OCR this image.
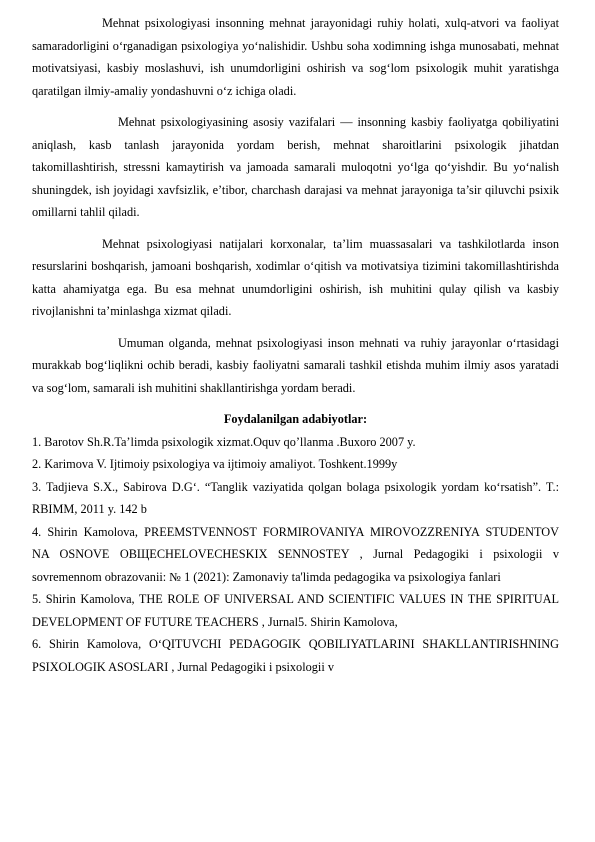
Mehnat psixologiyasi insonning mehnat jarayonidagi ruhiy holati, xulq-atvori va faoliyat samaradorligini o‘rganadigan psixologiya yo‘nalishidir. Ushbu soha xodimning ishga munosabati, mehnat motivatsiyasi, kasbiy moslashuvi, ish unumdorligini oshirish va sog‘lom psixologik muhit yaratishga qaratilgan ilmiy-amaliy yondashuvni o‘z ichiga oladi.

Mehnat psixologiyasining asosiy vazifalari — insonning kasbiy faoliyatga qobiliyatini aniqlash, kasb tanlash jarayonida yordam berish, mehnat sharoitlarini psixologik jihatdan takomillashtirish, stressni kamaytirish va jamoada samarali muloqotni yo‘lga qo‘yishdir. Bu yo‘nalish shuningdek, ish joyidagi xavfsizlik, e’tibor, charchash darajasi va mehnat jarayoniga ta’sir qiluvchi psixik omillarni tahlil qiladi.

Mehnat psixologiyasi natijalari korxonalar, ta’lim muassasalari va tashkilotlarda inson resurslarini boshqarish, jamoani boshqarish, xodimlar o‘qitish va motivatsiya tizimini takomillashtirishda katta ahamiyatga ega. Bu esa mehnat unumdorligini oshirish, ish muhitini qulay qilish va kasbiy rivojlanishni ta’minlashga xizmat qiladi.

Umuman olganda, mehnat psixologiyasi inson mehnati va ruhiy jarayonlar o‘rtasidagi murakkab bog‘liqlikni ochib beradi, kasbiy faoliyatni samarali tashkil etishda muhim ilmiy asos yaratadi va sog‘lom, samarali ish muhitini shakllantirishga yordam beradi.

Foydalanilgan adabiyotlar:

1. Barotov Sh.R.Ta’limda psixologik xizmat.Oquv qo’llanma .Buxoro 2007 y.

2. Karimova V. Ijtimoiy psixologiya va ijtimoiy amaliyot. Toshkent.1999y

3. Tadjieva S.X., Sabirova D.G‘. “Tanglik vaziyatida qolgan bolaga psixologik yordam ko‘rsatish”. T.: RBIMM, 2011 y. 142 b

4. Shirin Kamolova, PREEMSTVENNOST FORMIROVANIYA MIROVOZZRENIYA STUDENTOV NA OSNOVE OBЩECHELOVECHESKIX SENNOSTEY , Jurnal Pedagogiki i psixologii v sovremennom obrazovanii: № 1 (2021): Zamonaviy ta'limda pedagogika va psixologiya fanlari

5. Shirin Kamolova, THE ROLE OF UNIVERSAL AND SCIENTIFIC VALUES IN THE SPIRITUAL DEVELOPMENT OF FUTURE TEACHERS , Jurnal5. Shirin Kamolova,

6. Shirin Kamolova, O‘QITUVCHI PEDAGOGIK QOBILIYATLARINI SHAKLLANTIRISHNING PSIXOLOGIK ASOSLARI , Jurnal Pedagogiki i psixologii v
